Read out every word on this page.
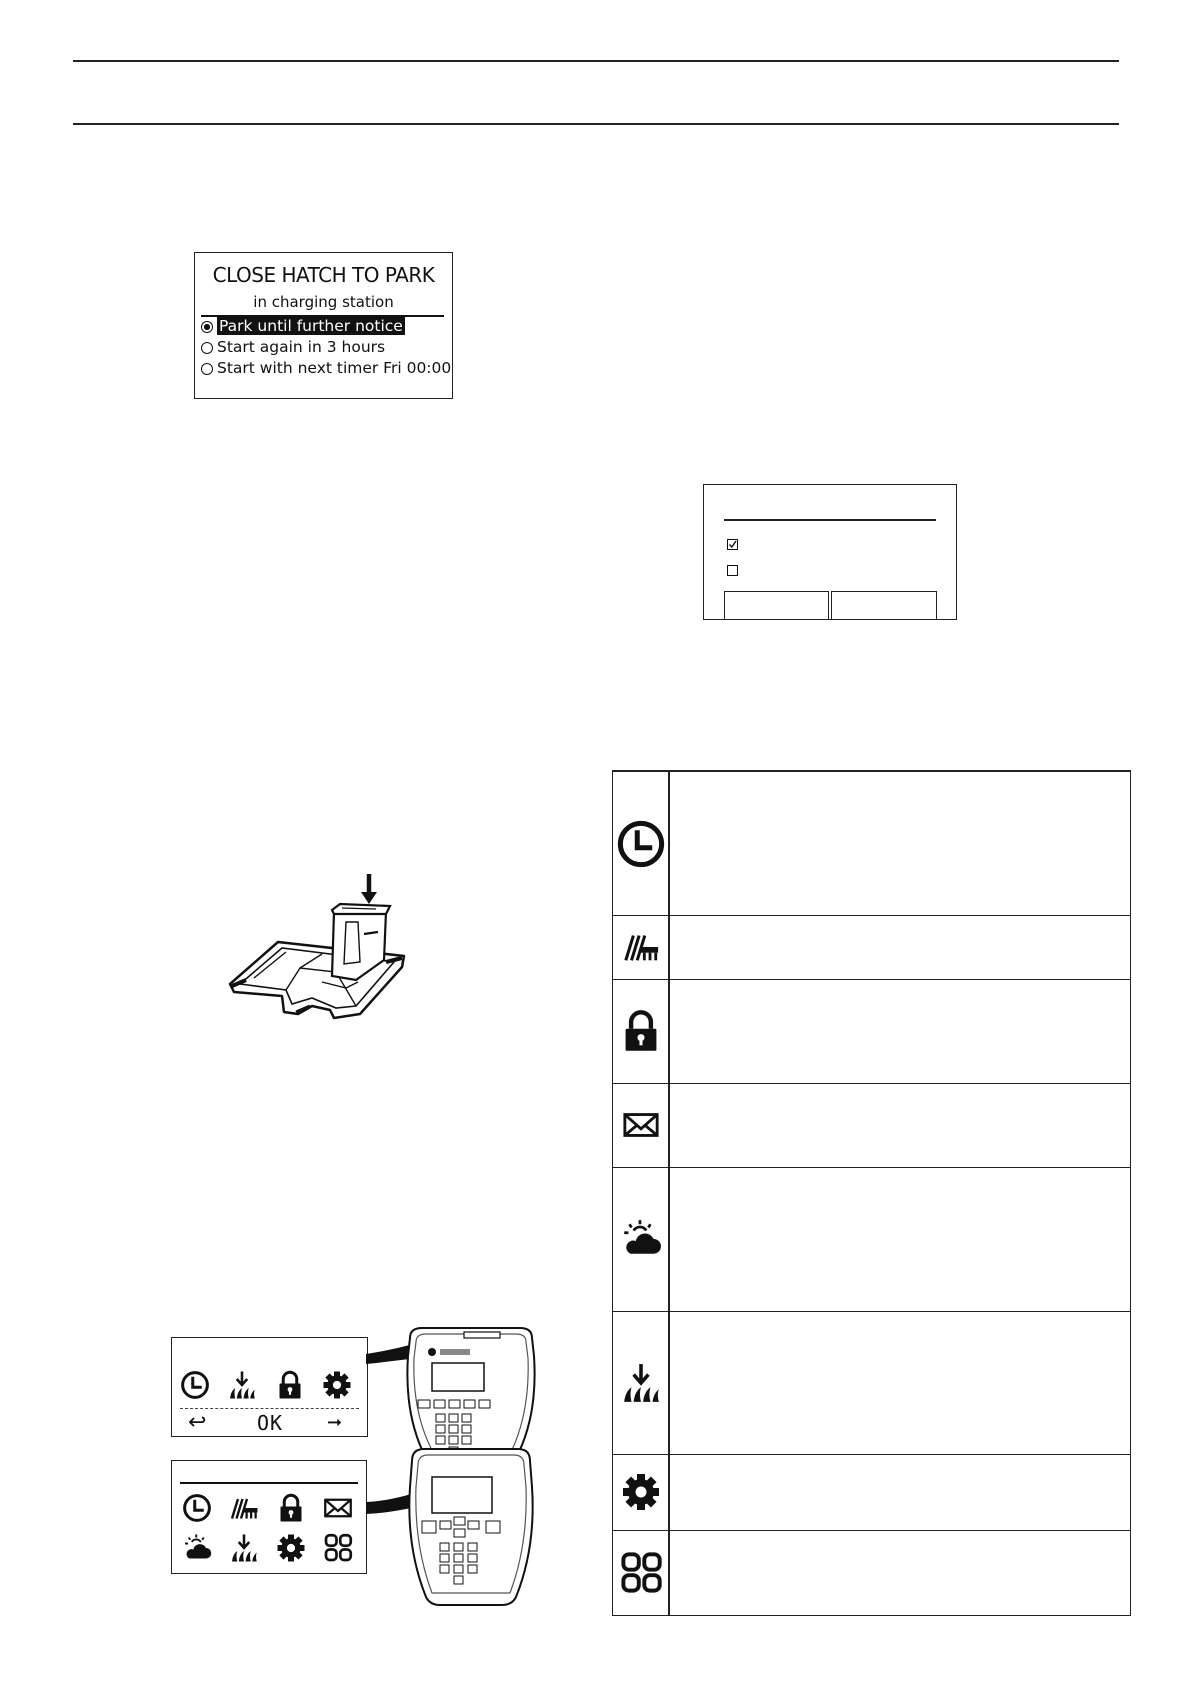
CLOSE HATCH TO PARK
in charging station
Park until further notice
Start again in 3 hours
Start with next timer Fri 00:00
↩	OK ➞
